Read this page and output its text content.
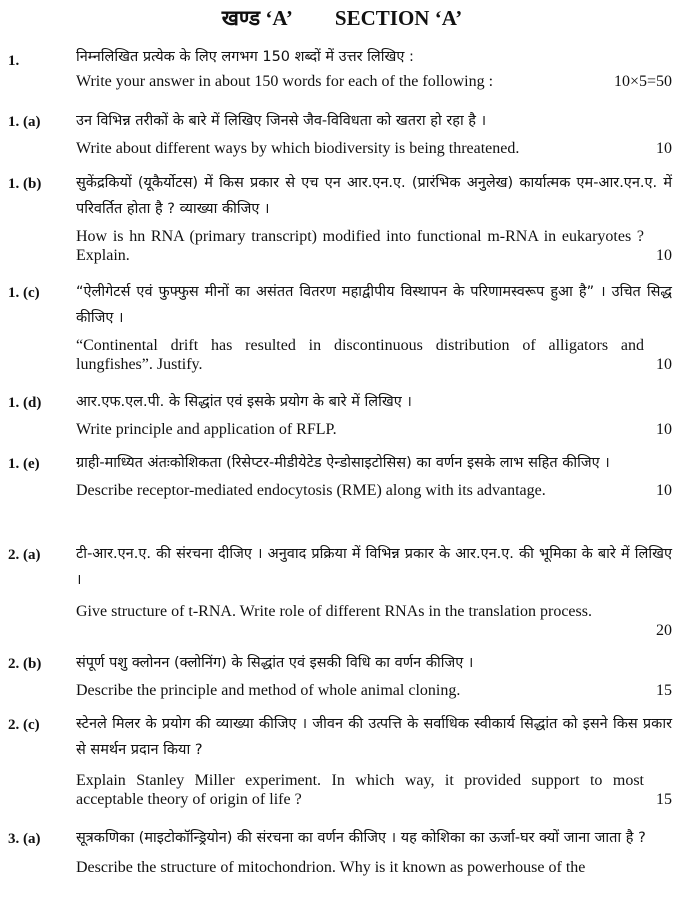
खण्ड ‘A’ SECTION ‘A’
1.	निम्नलिखित प्रत्येक के लिए लगभग 150 शब्दों में उत्तर लिखिए :
10×5=50
Write your answer in about 150 words for each of the following :
1. (a) उन विभिन्न तरीकों के बारे में लिखिए जिनसे जैव-विविधता को खतरा हो रहा है ।
10
Write about different ways by which biodiversity is being threatened.
1. (b) सुकेंद्रकियों (यूकैर्योटस) में किस प्रकार से एच एन आर.एन.ए. (प्रारंभिक अनुलेख) कार्यात्मक एम-आर.एन.ए. में परिवर्तित होता है ? व्याख्या कीजिए ।
10
How is hn RNA (primary transcript) modified into functional m-RNA in eukaryotes ? Explain.
1. (c)	“ऐलीगेटर्स एवं फुफ्फुस मीनों का असंतत वितरण महाद्वीपीय विस्थापन के परिणामस्वरूप हुआ है” । उचित सिद्ध कीजिए ।
10
“Continental drift has resulted in discontinuous distribution of alligators and lungfishes”. Justify.
1. (d) आर.एफ.एल.पी. के सिद्धांत एवं इसके प्रयोग के बारे में लिखिए ।
10
Write principle and application of RFLP.
1. (e)	ग्राही-माध्यित अंतःकोशिकता (रिसेप्टर-मीडीयेटेड ऐन्डोसाइटोसिस) का वर्णन इसके लाभ सहित कीजिए ।
10
Describe receptor-mediated endocytosis (RME) along with its advantage.
2. (a) टी-आर.एन.ए. की संरचना दीजिए । अनुवाद प्रक्रिया में विभिन्न प्रकार के आर.एन.ए. की भूमिका के बारे में लिखिए ।
Give structure of t-RNA. Write role of different RNAs in the translation process.
20
2. (b) संपूर्ण पशु क्लोनन (क्लोनिंग) के सिद्धांत एवं इसकी विधि का वर्णन कीजिए ।
15
Describe the principle and method of whole animal cloning.
2. (c)	स्टेनले मिलर के प्रयोग की व्याख्या कीजिए । जीवन की उत्पत्ति के सर्वाधिक स्वीकार्य सिद्धांत को इसने किस प्रकार से समर्थन प्रदान किया ?
15
Explain Stanley Miller experiment. In which way, it provided support to most acceptable theory of origin of life ?
3. (a) सूत्रकणिका (माइटोकॉन्ड्रियोन) की संरचना का वर्णन कीजिए । यह कोशिका का ऊर्जा-घर क्यों जाना जाता है ?
Describe the structure of mitochondrion. Why is it known as powerhouse of the
